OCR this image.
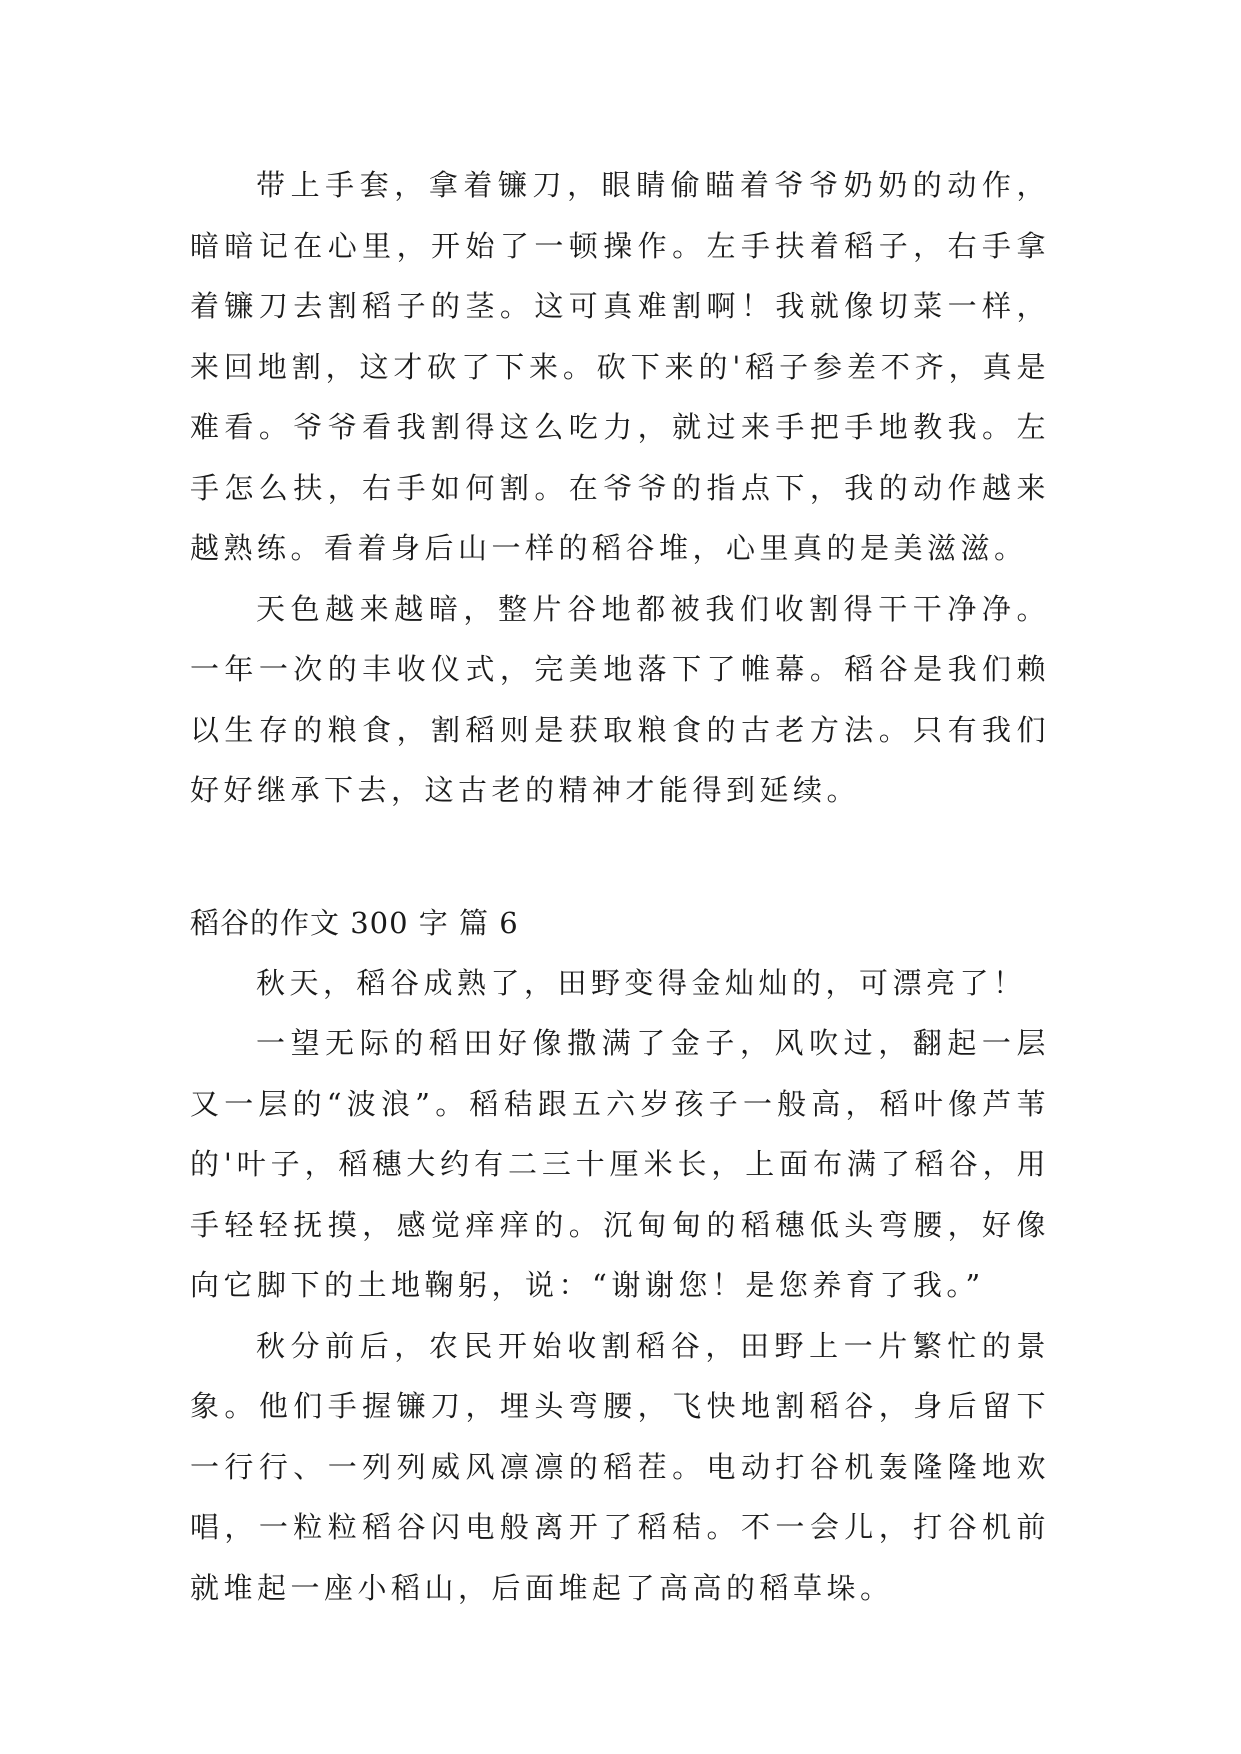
带上手套，拿着镰刀，眼睛偷瞄着爷爷奶奶的动作，暗暗记在心里，开始了一顿操作。左手扶着稻子，右手拿着镰刀去割稻子的茎。这可真难割啊！我就像切菜一样，来回地割，这才砍了下来。砍下来的'稻子参差不齐，真是难看。爷爷看我割得这么吃力，就过来手把手地教我。左手怎么扶，右手如何割。在爷爷的指点下，我的动作越来越熟练。看着身后山一样的稻谷堆，心里真的是美滋滋。

天色越来越暗，整片谷地都被我们收割得干干净净。一年一次的丰收仪式，完美地落下了帷幕。稻谷是我们赖以生存的粮食，割稻则是获取粮食的古老方法。只有我们好好继承下去，这古老的精神才能得到延续。

稻谷的作文 300 字 篇 6

秋天，稻谷成熟了，田野变得金灿灿的，可漂亮了！

一望无际的稻田好像撒满了金子，风吹过，翻起一层又一层的“波浪”。稻秸跟五六岁孩子一般高，稻叶像芦苇的'叶子，稻穗大约有二三十厘米长，上面布满了稻谷，用手轻轻抚摸，感觉痒痒的。沉甸甸的稻穗低头弯腰，好像向它脚下的土地鞠躬，说：“谢谢您！是您养育了我。”

秋分前后，农民开始收割稻谷，田野上一片繁忙的景象。他们手握镰刀，埋头弯腰，飞快地割稻谷，身后留下一行行、一列列威风凛凛的稻茬。电动打谷机轰隆隆地欢唱，一粒粒稻谷闪电般离开了稻秸。不一会儿，打谷机前就堆起一座小稻山，后面堆起了高高的稻草垛。
